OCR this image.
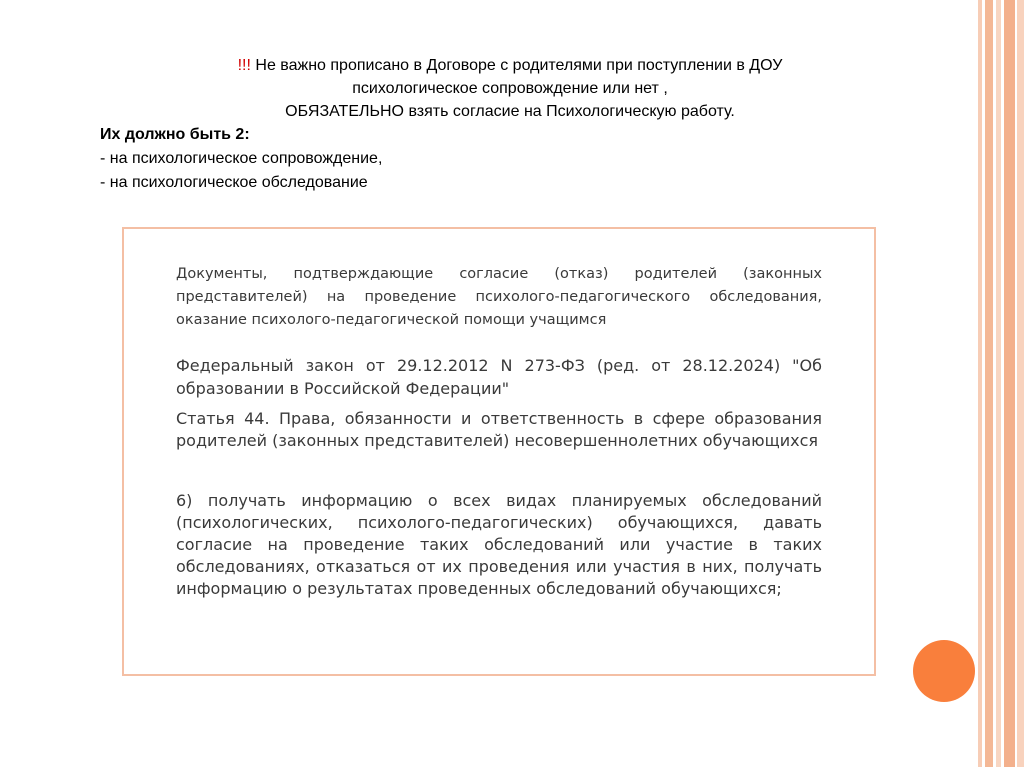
!!! Не важно прописано в Договоре с родителями при поступлении в ДОУ
психологическое сопровождение или нет ,
ОБЯЗАТЕЛЬНО взять согласие на Психологическую работу.
Их должно быть 2:
- на психологическое сопровождение,
- на психологическое обследование

Документы, подтверждающие согласие (отказ) родителей (законных представителей) на проведение психолого-педагогического обследования, оказание психолого-педагогической помощи учащимся

Федеральный закон от 29.12.2012 N 273-ФЗ (ред. от 28.12.2024) "Об образовании в Российской Федерации"

Статья 44. Права, обязанности и ответственность в сфере образования родителей (законных представителей) несовершеннолетних обучающихся

6) получать информацию о всех видах планируемых обследований (психологических, психолого-педагогических) обучающихся, давать согласие на проведение таких обследований или участие в таких обследованиях, отказаться от их проведения или участия в них, получать информацию о результатах проведенных обследований обучающихся;
